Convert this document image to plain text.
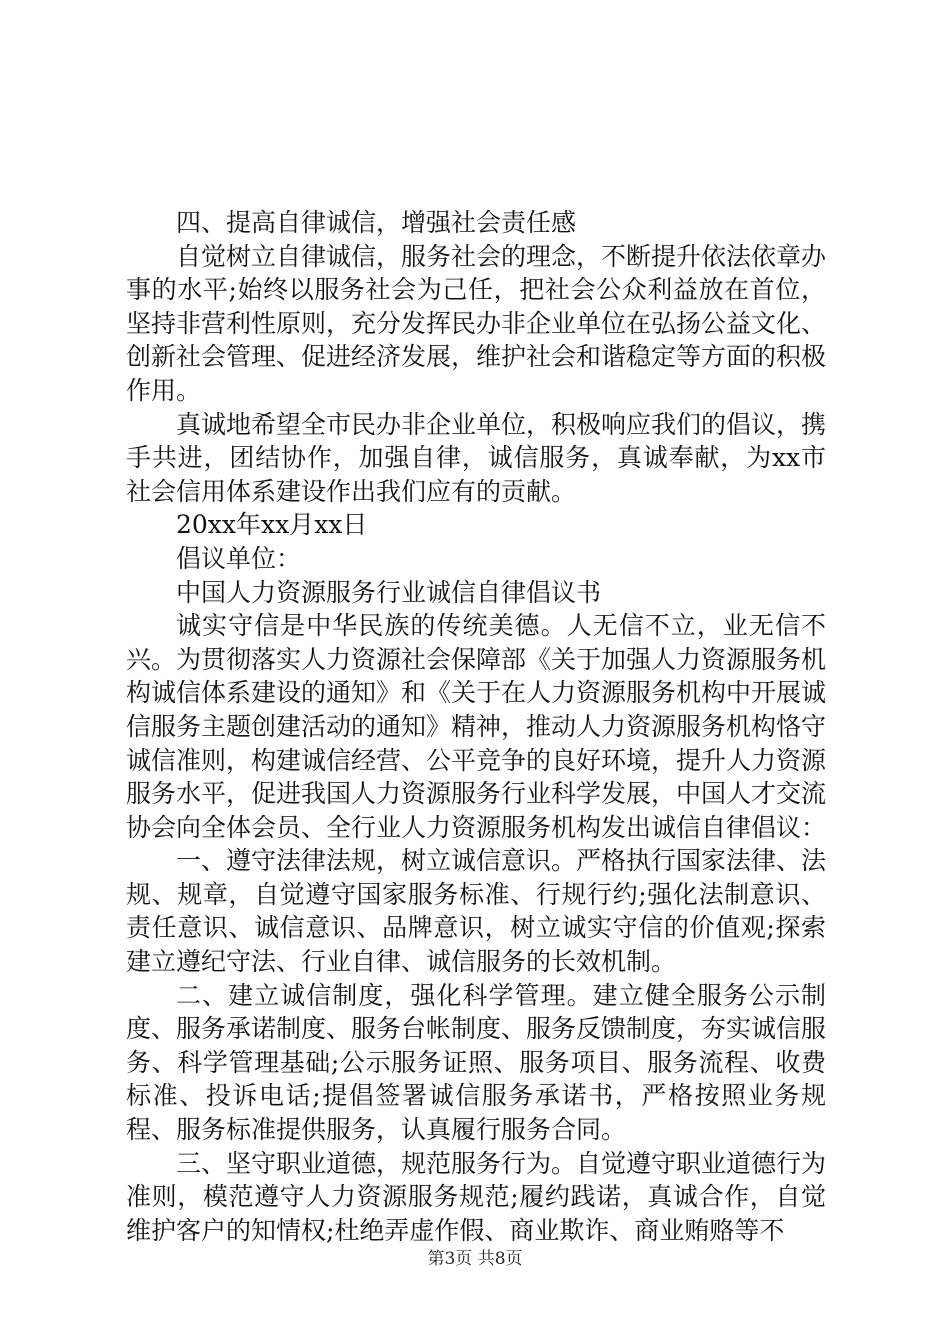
四、提高自律诚信，增强社会责任感

自觉树立自律诚信，服务社会的理念，不断提升依法依章办事的水平;始终以服务社会为己任，把社会公众利益放在首位，坚持非营利性原则，充分发挥民办非企业单位在弘扬公益文化、创新社会管理、促进经济发展，维护社会和谐稳定等方面的积极作用。

真诚地希望全市民办非企业单位，积极响应我们的倡议，携手共进，团结协作，加强自律，诚信服务，真诚奉献，为xx市社会信用体系建设作出我们应有的贡献。

20xx年xx月xx日

倡议单位：

中国人力资源服务行业诚信自律倡议书

诚实守信是中华民族的传统美德。人无信不立，业无信不兴。为贯彻落实人力资源社会保障部《关于加强人力资源服务机构诚信体系建设的通知》和《关于在人力资源服务机构中开展诚信服务主题创建活动的通知》精神，推动人力资源服务机构恪守诚信准则，构建诚信经营、公平竞争的良好环境，提升人力资源服务水平，促进我国人力资源服务行业科学发展，中国人才交流协会向全体会员、全行业人力资源服务机构发出诚信自律倡议：

一、遵守法律法规，树立诚信意识。严格执行国家法律、法规、规章，自觉遵守国家服务标准、行规行约;强化法制意识、责任意识、诚信意识、品牌意识，树立诚实守信的价值观;探索建立遵纪守法、行业自律、诚信服务的长效机制。

二、建立诚信制度，强化科学管理。建立健全服务公示制度、服务承诺制度、服务台帐制度、服务反馈制度，夯实诚信服务、科学管理基础;公示服务证照、服务项目、服务流程、收费标准、投诉电话;提倡签署诚信服务承诺书，严格按照业务规程、服务标准提供服务，认真履行服务合同。

三、坚守职业道德，规范服务行为。自觉遵守职业道德行为准则，模范遵守人力资源服务规范;履约践诺，真诚合作，自觉维护客户的知情权;杜绝弄虚作假、商业欺诈、商业贿赂等不

第3页 共8页
